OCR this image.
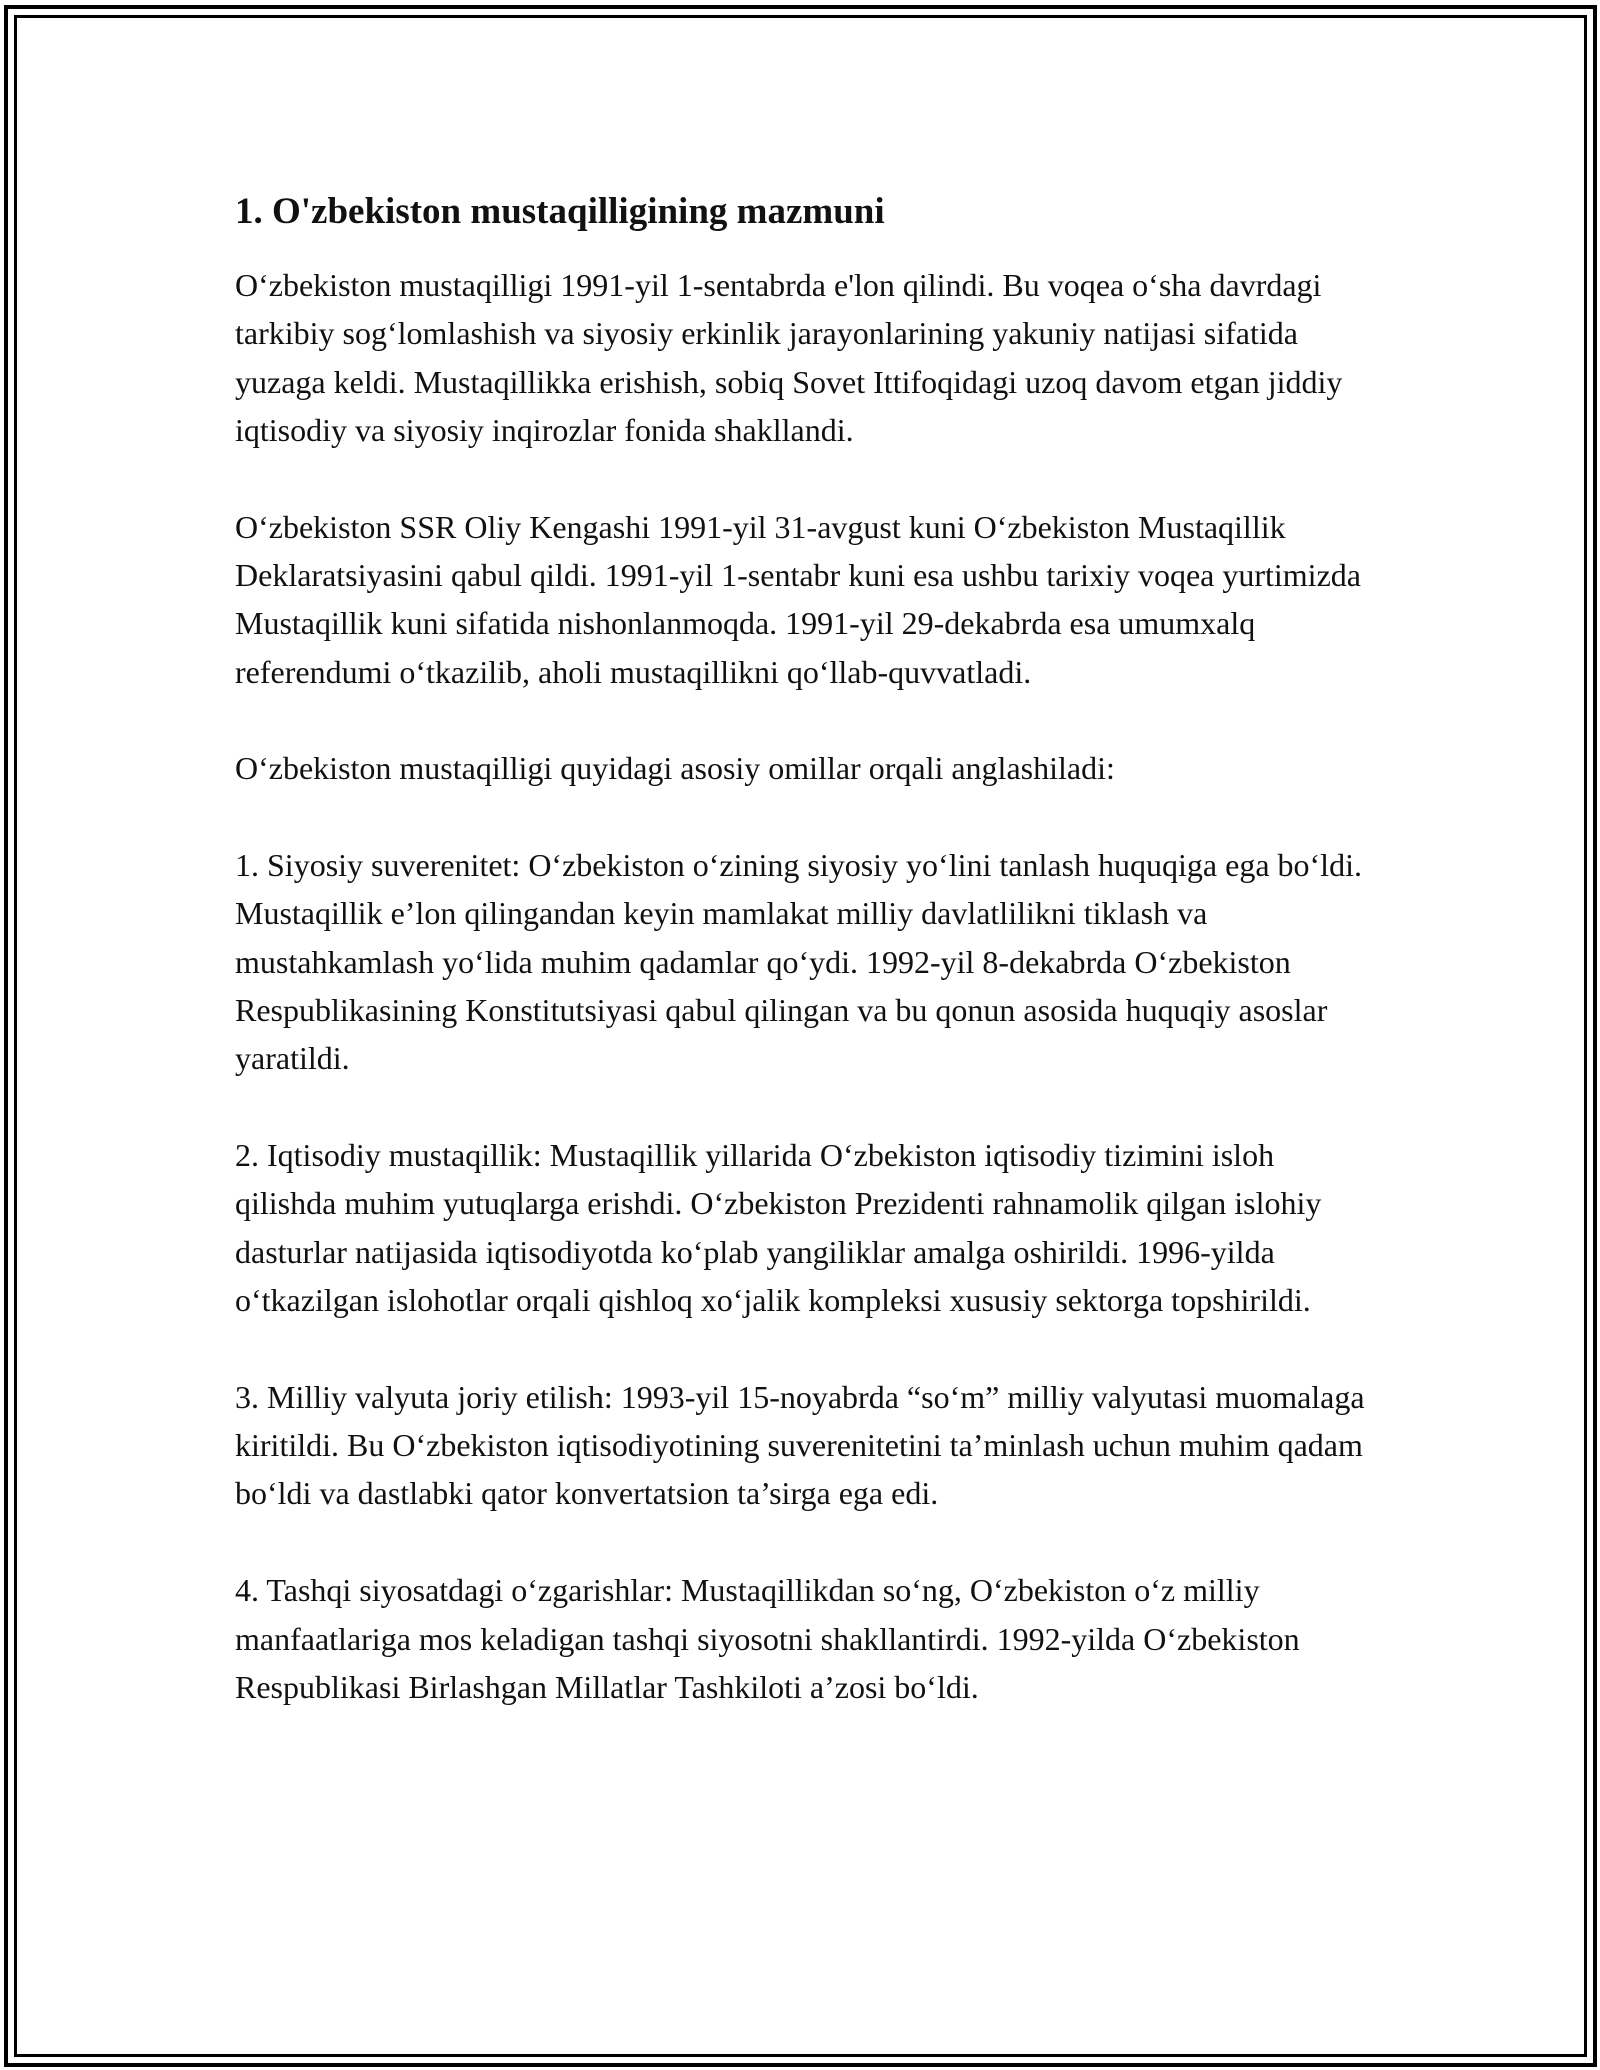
1. O'zbekiston mustaqilligining mazmuni

O‘zbekiston mustaqilligi 1991-yil 1-sentabrda e'lon qilindi. Bu voqea o‘sha davrdagi tarkibiy sog‘lomlashish va siyosiy erkinlik jarayonlarining yakuniy natijasi sifatida yuzaga keldi. Mustaqillikka erishish, sobiq Sovet Ittifoqidagi uzoq davom etgan jiddiy iqtisodiy va siyosiy inqirozlar fonida shakllandi.

O‘zbekiston SSR Oliy Kengashi 1991-yil 31-avgust kuni O‘zbekiston Mustaqillik Deklaratsiyasini qabul qildi. 1991-yil 1-sentabr kuni esa ushbu tarixiy voqea yurtimizda Mustaqillik kuni sifatida nishonlanmoqda. 1991-yil 29-dekabrda esa umumxalq referendumi o‘tkazilib, aholi mustaqillikni qo‘llab-quvvatladi.

O‘zbekiston mustaqilligi quyidagi asosiy omillar orqali anglashiladi:

1. Siyosiy suverenitet: O‘zbekiston o‘zining siyosiy yo‘lini tanlash huquqiga ega bo‘ldi. Mustaqillik e’lon qilingandan keyin mamlakat milliy davlatlilikni tiklash va mustahkamlash yo‘lida muhim qadamlar qo‘ydi. 1992-yil 8-dekabrda O‘zbekiston Respublikasining Konstitutsiyasi qabul qilingan va bu qonun asosida huquqiy asoslar yaratildi.

2. Iqtisodiy mustaqillik: Mustaqillik yillarida O‘zbekiston iqtisodiy tizimini isloh qilishda muhim yutuqlarga erishdi. O‘zbekiston Prezidenti rahnamolik qilgan islohiy dasturlar natijasida iqtisodiyotda ko‘plab yangiliklar amalga oshirildi. 1996-yilda o‘tkazilgan islohotlar orqali qishloq xo‘jalik kompleksi xususiy sektorga topshirildi.

3. Milliy valyuta joriy etilish: 1993-yil 15-noyabrda “so‘m” milliy valyutasi muomalaga kiritildi. Bu O‘zbekiston iqtisodiyotining suverenitetini ta’minlash uchun muhim qadam bo‘ldi va dastlabki qator konvertatsion ta’sirga ega edi.

4. Tashqi siyosatdagi o‘zgarishlar: Mustaqillikdan so‘ng, O‘zbekiston o‘z milliy manfaatlariga mos keladigan tashqi siyosotni shakllantirdi. 1992-yilda O‘zbekiston Respublikasi Birlashgan Millatlar Tashkiloti a’zosi bo‘ldi.
